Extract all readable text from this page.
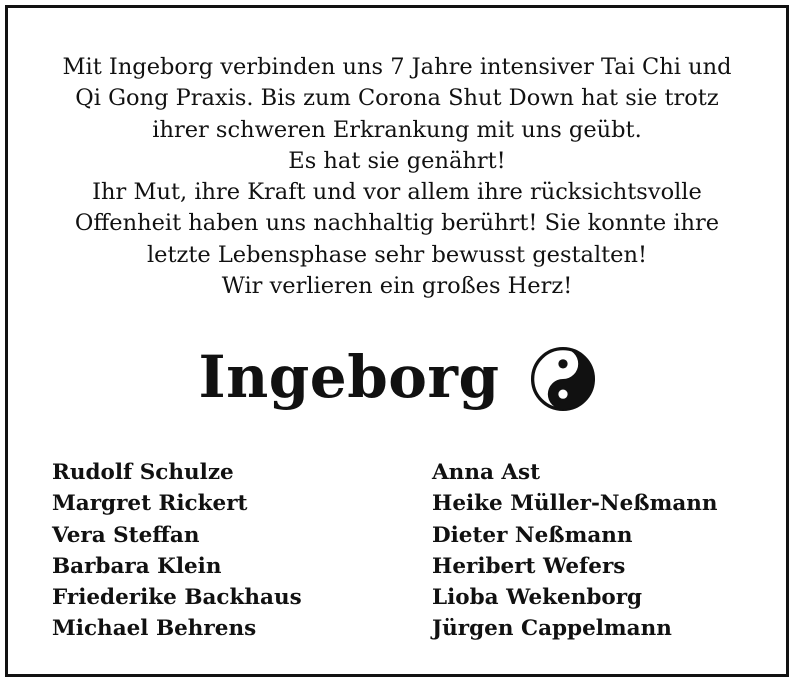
Mit Ingeborg verbinden uns 7 Jahre intensiver Tai Chi und
Qi Gong Praxis. Bis zum Corona Shut Down hat sie trotz
ihrer schweren Erkrankung mit uns geübt.
Es hat sie genährt!
Ihr Mut, ihre Kraft und vor allem ihre rücksichtsvolle
Offenheit haben uns nachhaltig berührt! Sie konnte ihre
letzte Lebensphase sehr bewusst gestalten!
Wir verlieren ein großes Herz!
Ingeborg
Rudolf Schulze
Margret Rickert
Vera Steffan
Barbara Klein
Friederike Backhaus
Michael Behrens
Anna Ast
Heike Müller-Neßmann
Dieter Neßmann
Heribert Wefers
Lioba Wekenborg
Jürgen Cappelmann
